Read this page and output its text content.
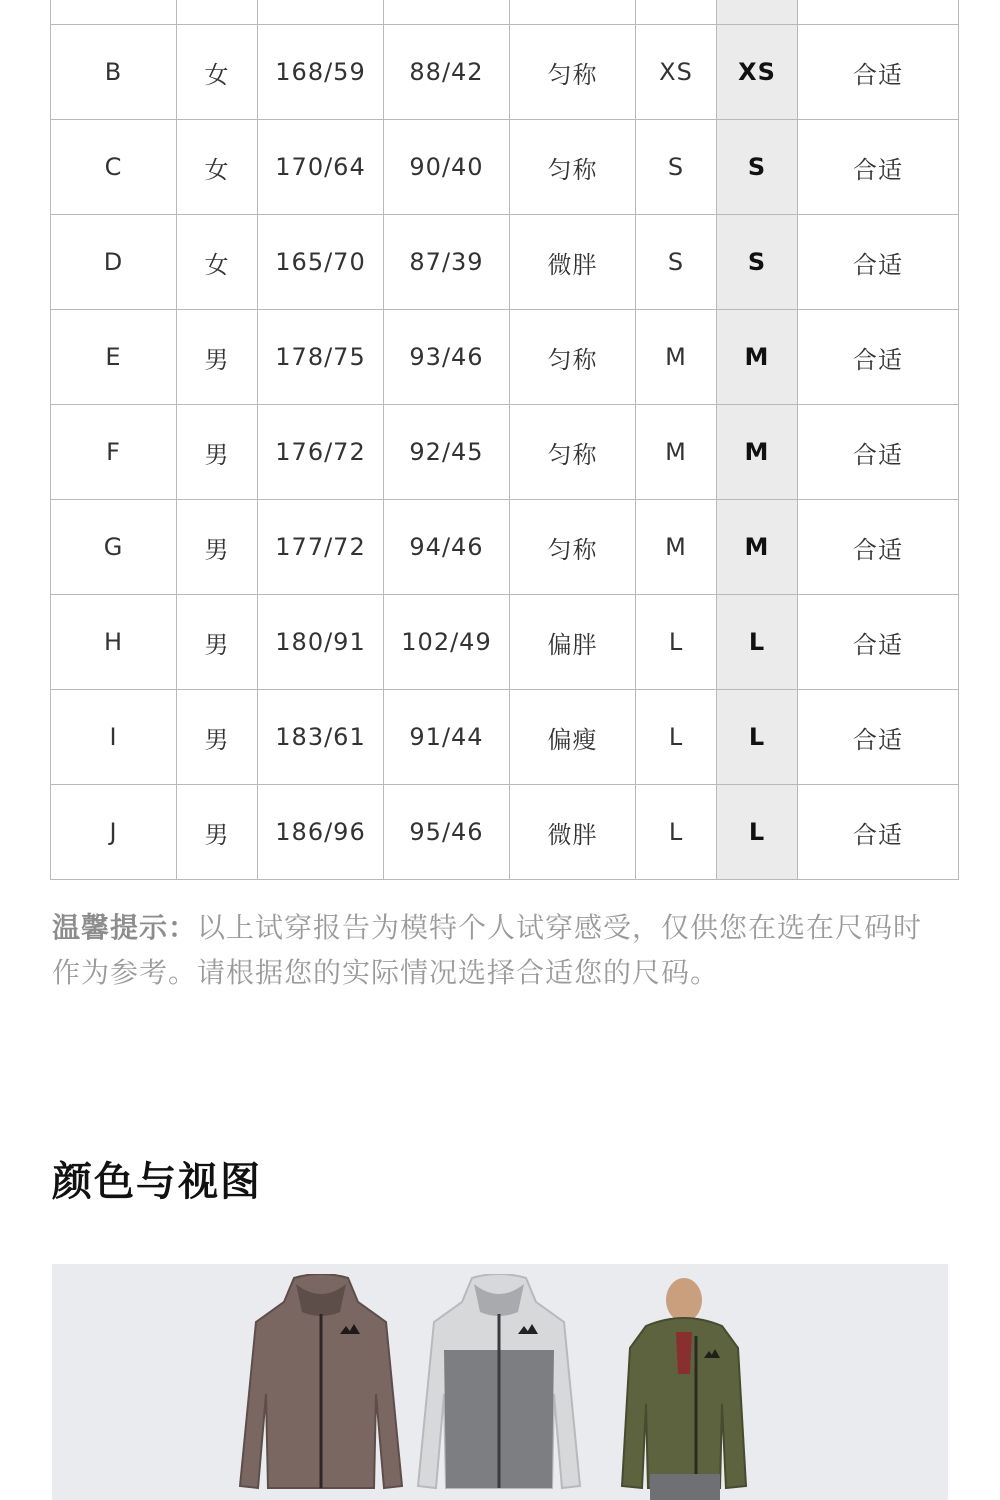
B	女	168/59	88/42	匀称	XS	XS	合适
C	女	170/64	90/40	匀称	S	S	合适
D	女	165/70	87/39	微胖	S	S	合适
E	男	178/75	93/46	匀称	M	M	合适
F	男	176/72	92/45	匀称	M	M	合适
G	男	177/72	94/46	匀称	M	M	合适
H	男	180/91	102/49	偏胖	L	L	合适
I	男	183/61	91/44	偏瘦	L	L	合适
J	男	186/96	95/46	微胖	L	L	合适
温馨提示：以上试穿报告为模特个人试穿感受，仅供您在选在尺码时作为参考。请根据您的实际情况选择合适您的尺码。
颜色与视图
